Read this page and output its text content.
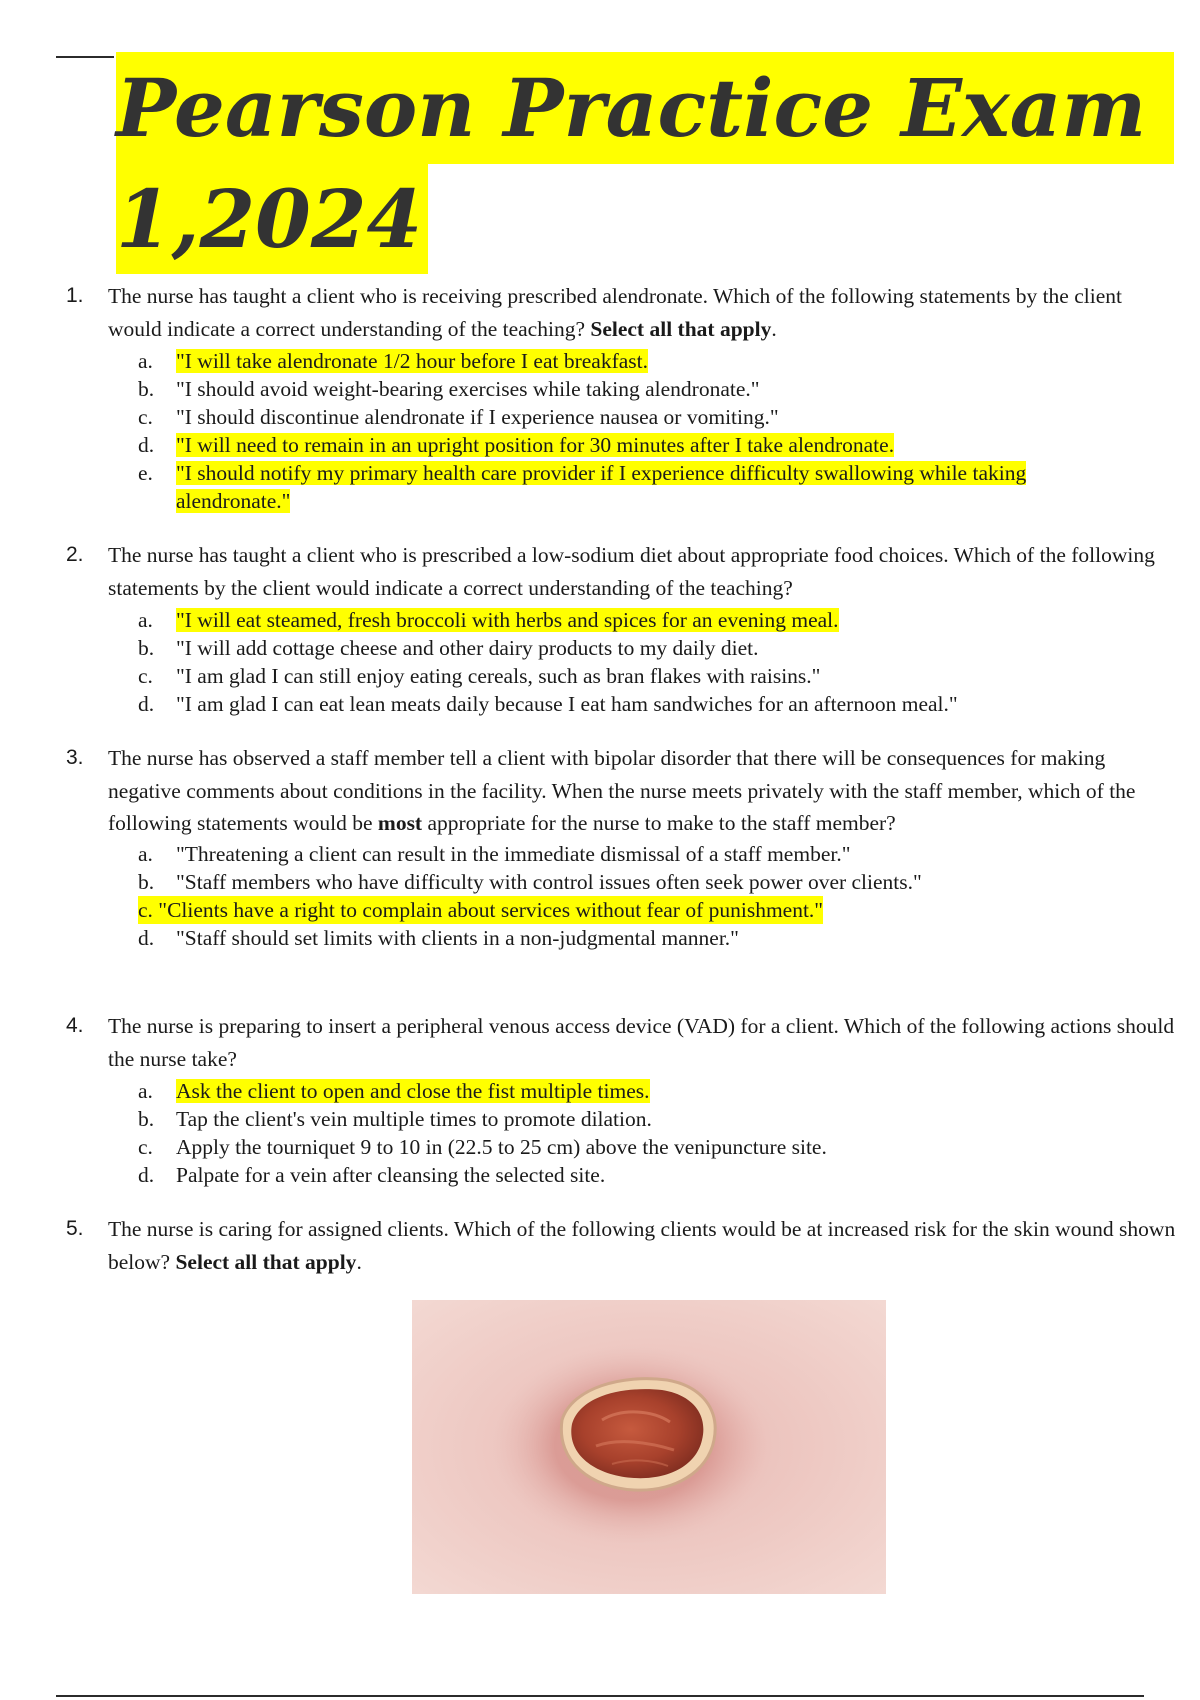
Pearson Practice Exam
1,2024
1.	The nurse has taught a client who is receiving prescribed alendronate. Which of the following statements by the client would indicate a correct understanding of the teaching? Select all that apply.
a.	"I will take alendronate 1/2 hour before I eat breakfast.
b.	"I should avoid weight-bearing exercises while taking alendronate."
c.	"I should discontinue alendronate if I experience nausea or vomiting."
d.	"I will need to remain in an upright position for 30 minutes after I take alendronate.
e.	"I should notify my primary health care provider if I experience difficulty swallowing while taking alendronate."
2.	The nurse has taught a client who is prescribed a low-sodium diet about appropriate food choices. Which of the following statements by the client would indicate a correct understanding of the teaching?
a.	"I will eat steamed, fresh broccoli with herbs and spices for an evening meal.
b.	"I will add cottage cheese and other dairy products to my daily diet.
c.	"I am glad I can still enjoy eating cereals, such as bran flakes with raisins."
d.	"I am glad I can eat lean meats daily because I eat ham sandwiches for an afternoon meal."
3.	The nurse has observed a staff member tell a client with bipolar disorder that there will be consequences for making negative comments about conditions in the facility. When the nurse meets privately with the staff member, which of the following statements would be most appropriate for the nurse to make to the staff member?
a.	"Threatening a client can result in the immediate dismissal of a staff member."
b.	"Staff members who have difficulty with control issues often seek power over clients."
c. "Clients have a right to complain about services without fear of punishment."
d.	"Staff should set limits with clients in a non-judgmental manner."
4.	The nurse is preparing to insert a peripheral venous access device (VAD) for a client. Which of the following actions should the nurse take?
a.	Ask the client to open and close the fist multiple times.
b.	Tap the client's vein multiple times to promote dilation.
c.	Apply the tourniquet 9 to 10 in (22.5 to 25 cm) above the venipuncture site.
d.	Palpate for a vein after cleansing the selected site.
5.	The nurse is caring for assigned clients. Which of the following clients would be at increased risk for the skin wound shown below? Select all that apply.
